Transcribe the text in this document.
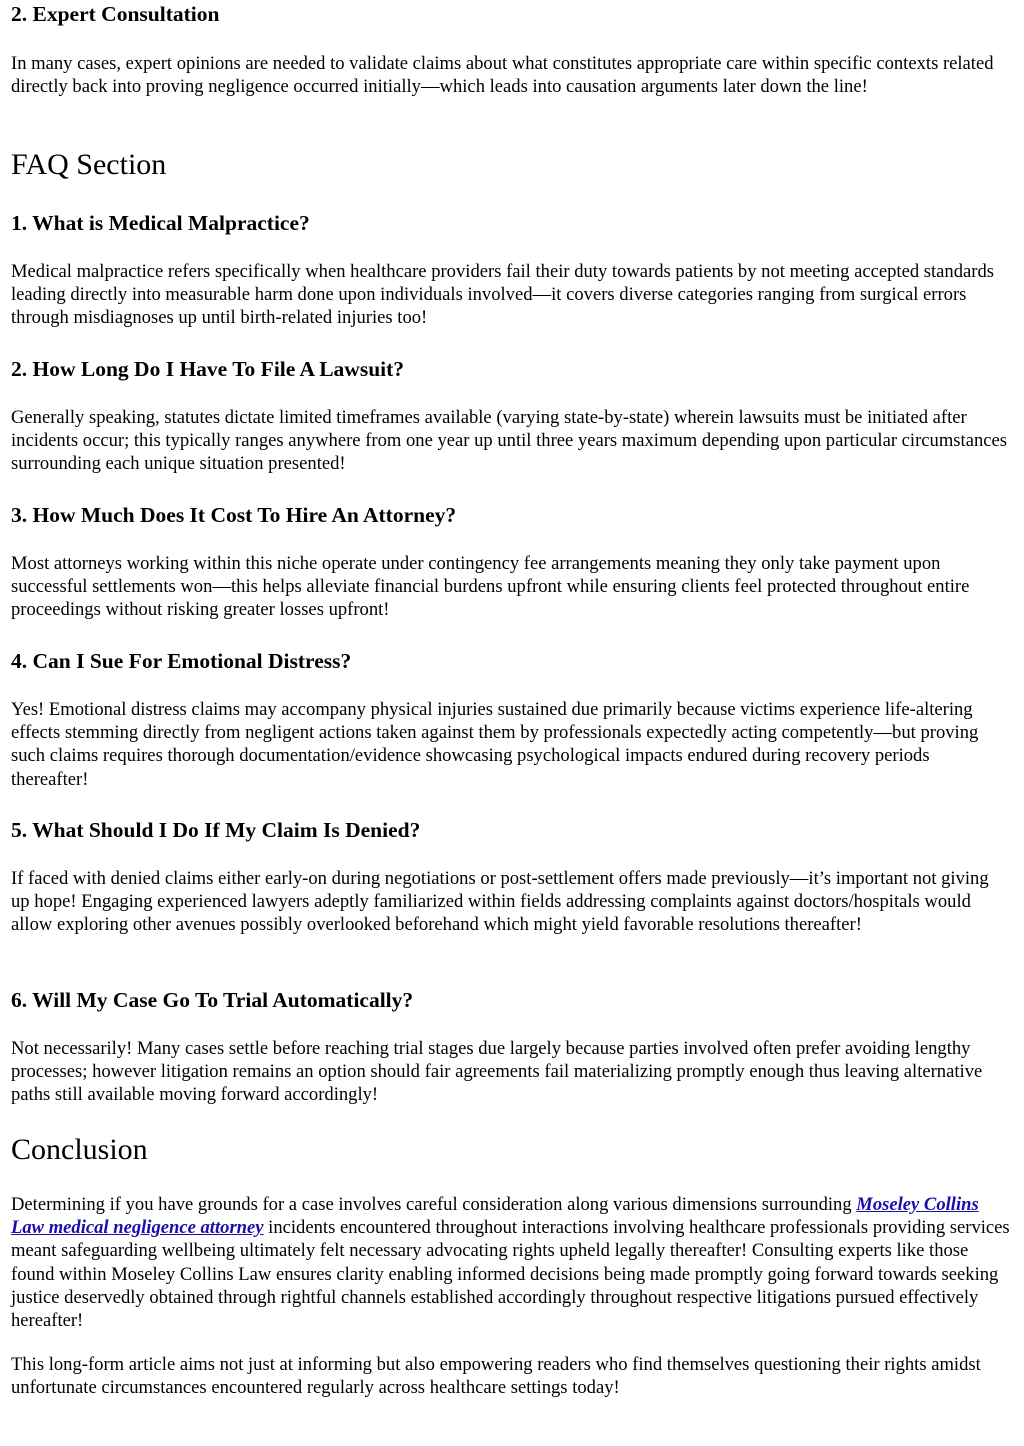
2. Expert Consultation

In many cases, expert opinions are needed to validate claims about what constitutes appropriate care within specific contexts related directly back into proving negligence occurred initially—which leads into causation arguments later down the line!

FAQ Section
1. What is Medical Malpractice?

Medical malpractice refers specifically when healthcare providers fail their duty towards patients by not meeting accepted standards leading directly into measurable harm done upon individuals involved—it covers diverse categories ranging from surgical errors through misdiagnoses up until birth-related injuries too!

2. How Long Do I Have To File A Lawsuit?

Generally speaking, statutes dictate limited timeframes available (varying state-by-state) wherein lawsuits must be initiated after incidents occur; this typically ranges anywhere from one year up until three years maximum depending upon particular circumstances surrounding each unique situation presented!

3. How Much Does It Cost To Hire An Attorney?

Most attorneys working within this niche operate under contingency fee arrangements meaning they only take payment upon successful settlements won—this helps alleviate financial burdens upfront while ensuring clients feel protected throughout entire proceedings without risking greater losses upfront!

4. Can I Sue For Emotional Distress?

Yes! Emotional distress claims may accompany physical injuries sustained due primarily because victims experience life-altering effects stemming directly from negligent actions taken against them by professionals expectedly acting competently—but proving such claims requires thorough documentation/evidence showcasing psychological impacts endured during recovery periods thereafter!

5. What Should I Do If My Claim Is Denied?

If faced with denied claims either early-on during negotiations or post-settlement offers made previously—it’s important not giving up hope! Engaging experienced lawyers adeptly familiarized within fields addressing complaints against doctors/hospitals would allow exploring other avenues possibly overlooked beforehand which might yield favorable resolutions thereafter!

6. Will My Case Go To Trial Automatically?

Not necessarily! Many cases settle before reaching trial stages due largely because parties involved often prefer avoiding lengthy processes; however litigation remains an option should fair agreements fail materializing promptly enough thus leaving alternative paths still available moving forward accordingly!

Conclusion

Determining if you have grounds for a case involves careful consideration along various dimensions surrounding Moseley Collins Law medical negligence attorney incidents encountered throughout interactions involving healthcare professionals providing services meant safeguarding wellbeing ultimately felt necessary advocating rights upheld legally thereafter! Consulting experts like those found within Moseley Collins Law ensures clarity enabling informed decisions being made promptly going forward towards seeking justice deservedly obtained through rightful channels established accordingly throughout respective litigations pursued effectively hereafter!

This long-form article aims not just at informing but also empowering readers who find themselves questioning their rights amidst unfortunate circumstances encountered regularly across healthcare settings today!
